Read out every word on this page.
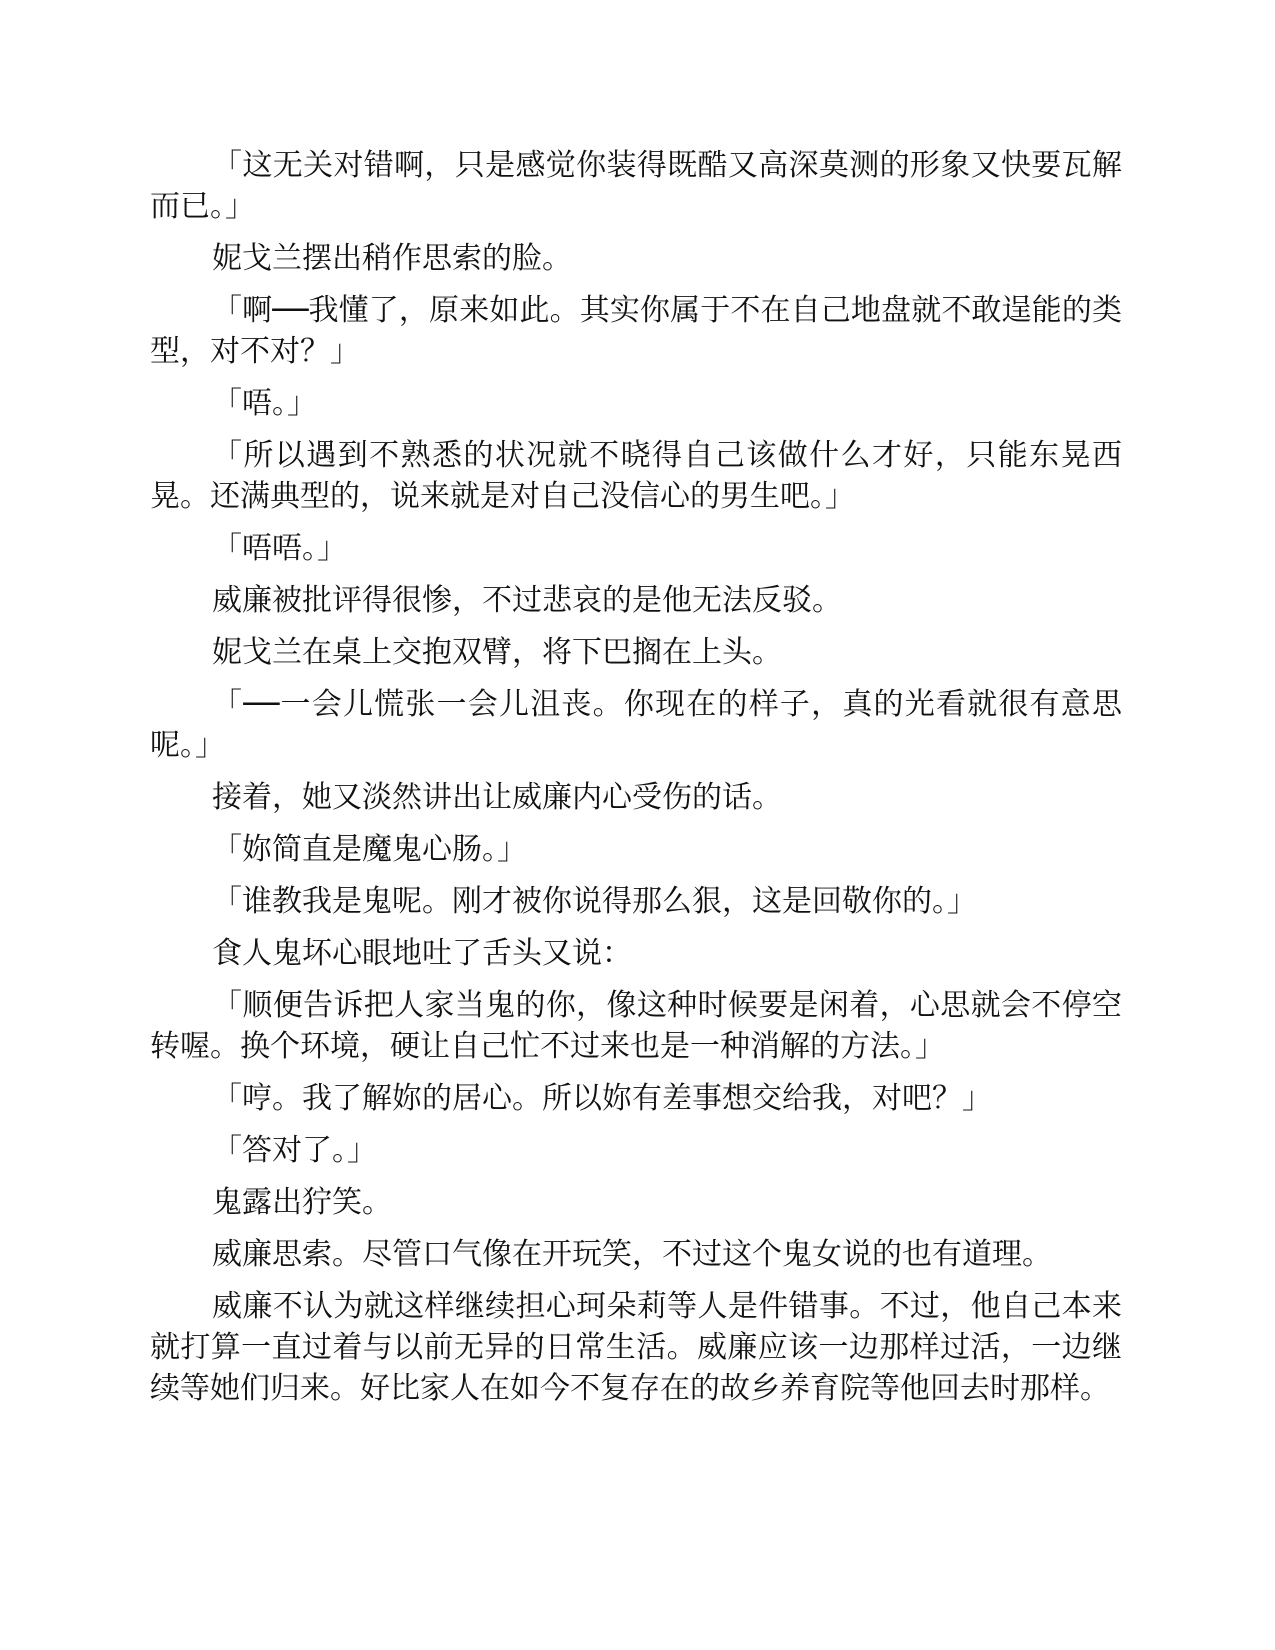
「这无关对错啊，只是感觉你装得既酷又高深莫测的形象又快要瓦解而已。」

妮戈兰摆出稍作思索的脸。

「啊──我懂了，原来如此。其实你属于不在自己地盘就不敢逞能的类型，对不对？」

「唔。」

「所以遇到不熟悉的状况就不晓得自己该做什么才好，只能东晃西晃。还满典型的，说来就是对自己没信心的男生吧。」

「唔唔。」

威廉被批评得很惨，不过悲哀的是他无法反驳。

妮戈兰在桌上交抱双臂，将下巴搁在上头。

「──一会儿慌张一会儿沮丧。你现在的样子，真的光看就很有意思呢。」

接着，她又淡然讲出让威廉内心受伤的话。

「妳简直是魔鬼心肠。」

「谁教我是鬼呢。刚才被你说得那么狠，这是回敬你的。」

食人鬼坏心眼地吐了舌头又说：

「顺便告诉把人家当鬼的你，像这种时候要是闲着，心思就会不停空转喔。换个环境，硬让自己忙不过来也是一种消解的方法。」

「哼。我了解妳的居心。所以妳有差事想交给我，对吧？」

「答对了。」

鬼露出狞笑。

威廉思索。尽管口气像在开玩笑，不过这个鬼女说的也有道理。

威廉不认为就这样继续担心珂朵莉等人是件错事。不过，他自己本来就打算一直过着与以前无异的日常生活。威廉应该一边那样过活，一边继续等她们归来。好比家人在如今不复存在的故乡养育院等他回去时那样。
